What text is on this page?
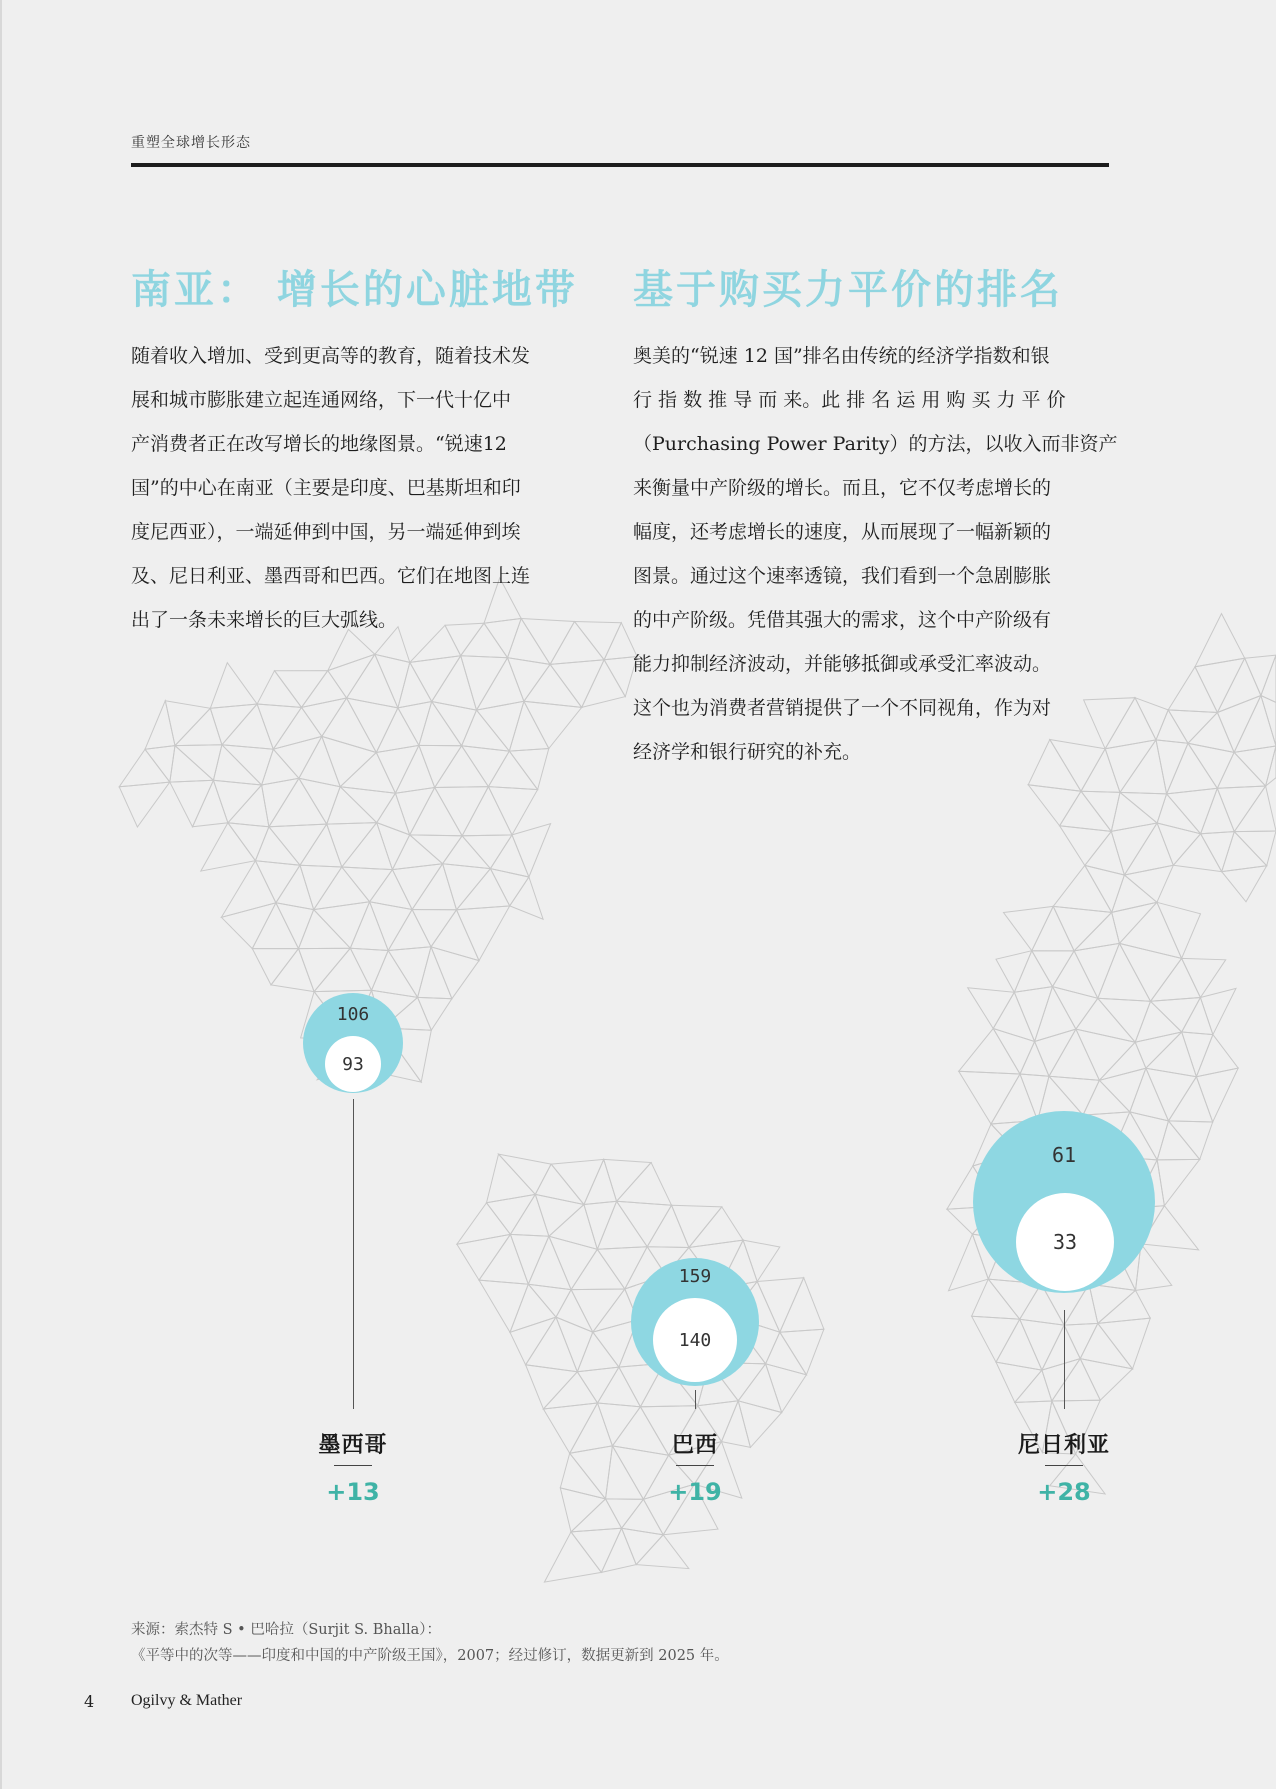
重塑全球增长形态
南亚： 增长的心脏地带 基于购买力平价的排名
随着收入增加、受到更高等的教育，随着技术发
展和城市膨胀建立起连通网络，下一代十亿中
产消费者正在改写增长的地缘图景。“锐速12
国”的中心在南亚（主要是印度、巴基斯坦和印
度尼西亚），一端延伸到中国，另一端延伸到埃
及、尼日利亚、墨西哥和巴西。它们在地图上连
出了一条未来增长的巨大弧线。
奥美的“锐速 12 国”排名由传统的经济学指数和银
行 指 数 推 导 而 来。此 排 名 运 用 购 买 力 平 价
（Purchasing Power Parity）的方法，以收入而非资产
来衡量中产阶级的增长。而且，它不仅考虑增长的
幅度，还考虑增长的速度，从而展现了一幅新颖的
图景。通过这个速率透镜，我们看到一个急剧膨胀
的中产阶级。凭借其强大的需求，这个中产阶级有
能力抑制经济波动，并能够抵御或承受汇率波动。
这个也为消费者营销提供了一个不同视角，作为对
经济学和银行研究的补充。
106
93
墨西哥
+13
159
140
巴西
+19
61
33
尼日利亚
+28
来源：索杰特 S • 巴哈拉（Surjit S. Bhalla）：
《平等中的次等——印度和中国的中产阶级王国》，2007；经过修订，数据更新到 2025 年。
4 Ogilvy & Mather
